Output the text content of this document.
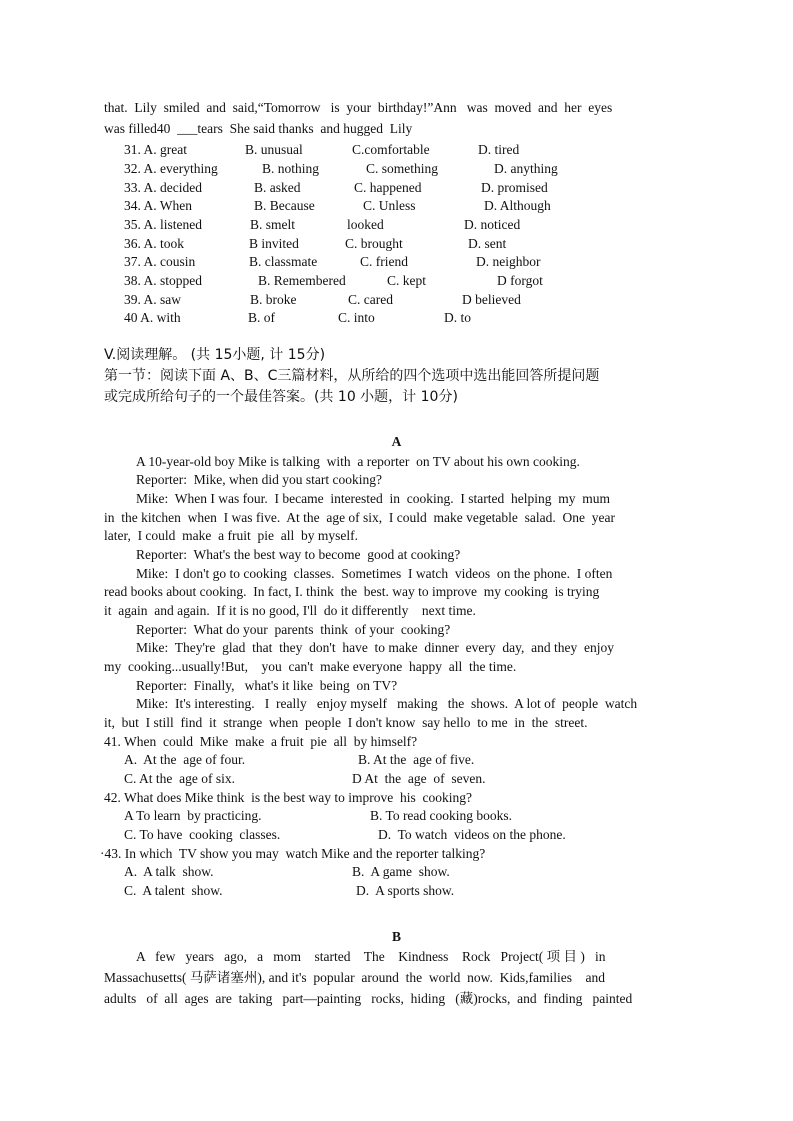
that.  Lily  smiled  and  said,“Tomorrow   is  your  birthday!”Ann   was  moved  and  her  eyes
was filled40  ___tears  She said thanks  and hugged  Lily
31. A. great	B. unusual	C.comfortable	D. tired
32. A. everything	B. nothing	C. something	D. anything
33. A. decided	B. asked	C. happened	D. promised
34. A. When	B. Because	C. Unless	D. Although
35. A. listened	B. smelt	looked	D. noticed
36. A. took	B invited	C. brought	D. sent
37. A. cousin	B. classmate	C. friend	D. neighbor
38. A. stopped	B. Remembered	C. kept	D forgot
39. A. saw	B. broke	C. cared	D believed
40 A. with	B. of	C. into	D. to
V.阅读理解。 (共 15小题, 计 15分)
第一节：阅读下面 A、B、C三篇材料，从所给的四个选项中选出能回答所提问题
或完成所给句子的一个最佳答案。(共 10 小题，计 10分)
A
A 10-year-old boy Mike is talking  with  a reporter  on TV about his own cooking.
Reporter:  Mike, when did you start cooking?
Mike:  When I was four.  I became  interested  in  cooking.  I started  helping  my  mum
in  the kitchen  when  I was five.  At the  age of six,  I could  make vegetable  salad.  One  year
later,  I could  make  a fruit  pie  all  by myself.
Reporter:  What's the best way to become  good at cooking?
Mike:  I don't go to cooking  classes.  Sometimes  I watch  videos  on the phone.  I often
read books about cooking.  In fact, I. think  the  best. way to improve  my cooking  is trying
it  again  and again.  If it is no good, I'll  do it differently    next time.
Reporter:  What do your  parents  think  of your  cooking?
Mike:  They're  glad  that  they  don't  have  to make  dinner  every  day,  and they  enjoy
my  cooking...usually!But,    you  can't  make everyone  happy  all  the time.
Reporter:  Finally,   what's it like  being  on TV?
Mike:  It's interesting.   I  really   enjoy myself   making   the  shows.  A lot of  people  watch
it,  but  I still  find  it  strange  when  people  I don't know  say hello  to me  in  the  street.
41. When  could  Mike  make  a fruit  pie  all  by himself?
A.  At the  age of four.	B. At the  age of five.
C. At the  age of six.	D At  the  age  of  seven.
42. What does Mike think  is the best way to improve  his  cooking?
A To learn  by practicing.	B. To read cooking books.
C. To have  cooking  classes.	D.  To watch  videos on the phone.
·43. In which  TV show you may  watch Mike and the reporter talking?
A.  A talk  show.	B.  A game  show.
C.  A talent  show.	D.  A sports show.
B
A   few   years   ago,   a   mom    started    The    Kindness    Rock   Project( 项 目 )   in
Massachusetts( 马萨诸塞州), and it's  popular  around  the  world  now.  Kids,families    and
adults   of  all  ages  are  taking   part—painting   rocks,  hiding   (藏)rocks,  and  finding   painted
